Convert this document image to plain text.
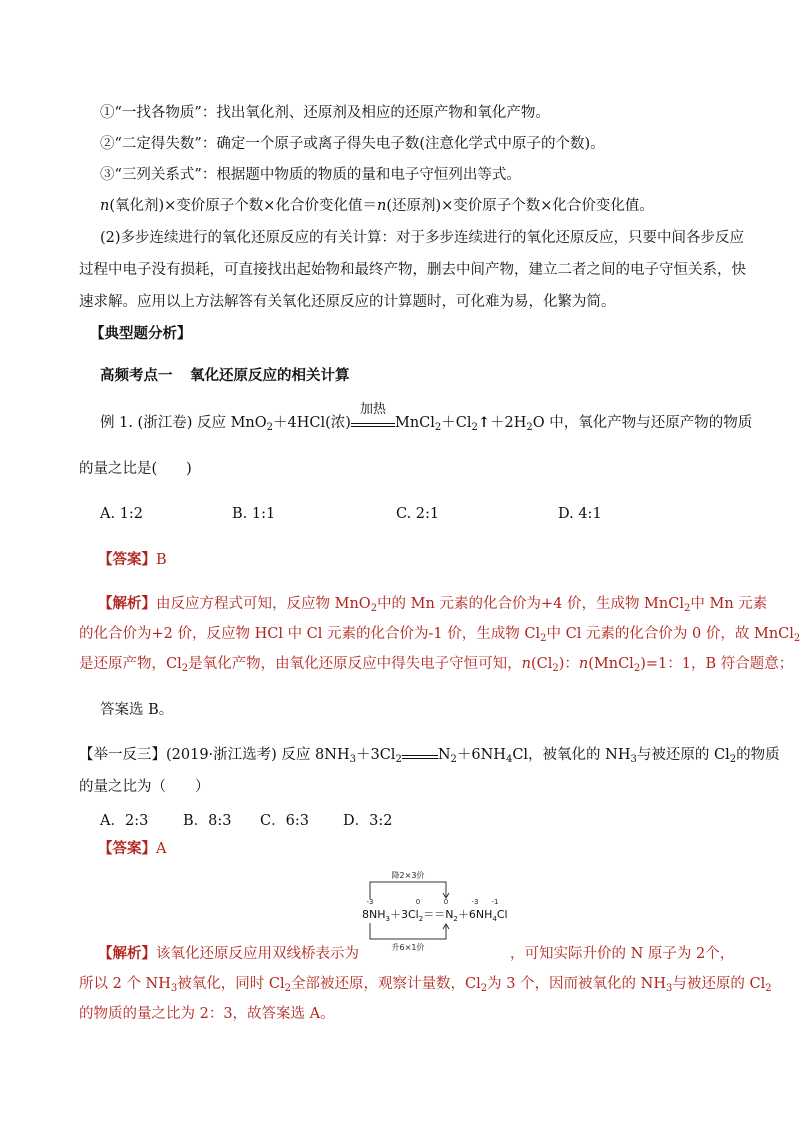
①“一找各物质”：找出氧化剂、还原剂及相应的还原产物和氧化产物。
②“二定得失数”：确定一个原子或离子得失电子数(注意化学式中原子的个数)。
③“三列关系式”：根据题中物质的物质的量和电子守恒列出等式。
n(氧化剂)×变价原子个数×化合价变化值＝n(还原剂)×变价原子个数×化合价变化值。
(2)多步连续进行的氧化还原反应的有关计算：对于多步连续进行的氧化还原反应，只要中间各步反应
过程中电子没有损耗，可直接找出起始物和最终产物，删去中间产物，建立二者之间的电子守恒关系，快
速求解。应用以上方法解答有关氧化还原反应的计算题时，可化难为易，化繁为简。
【典型题分析】
高频考点一 氧化还原反应的相关计算
例 1. (浙江卷) 反应 MnO$_2$＋4HCl(浓)
加热
$MnCl_2+Cl_2↑+2H_2O$ 中，氧化产物与还原产物的物质
的量之比是(　　)
A. 1:2	B. 1:1	C. 2:1	D. 4:1
【答案】B
【解析】由反应方程式可知，反应物 MnO$_2$中的 Mn 元素的化合价为+4 价，生成物 MnCl$_2$中 Mn 元素
的化合价为+2 价，反应物 HCl 中 Cl 元素的化合价为-1 价，生成物 $Cl_2$中 Cl 元素的化合价为 0 价，故 MnCl$_2$
是还原产物，$Cl_2$是氧化产物，由氧化还原反应中得失电子守恒可知，$n(Cl_2)$：n(MnCl$_2$)=1：1，B 符合题意；
答案选 B。
【举一反三】(2019·浙江选考) 反应 $8NH_3+3Cl_2$ $N_2+6NH_4Cl$，被氧化的 $NH_3$与被还原的 $Cl_2$的物质
的量之比为（　　）
A．2:3 B．8:3 C．6:3 D．3:2
【答案】A
降2×3价
-3	0	0	-3 -1
$8NH_3+3Cl_2==N_2+6NH_4Cl$
升6×1价
【解析】该氧化还原反应用双线桥表示为	，可知实际升价的 N 原子为 2个，
所以 2 个 $NH_3$被氧化，同时 $Cl_2$全部被还原，观察计量数，$Cl_2$为 3 个，因而被氧化的 $NH_3$与被还原的 $Cl_2$
的物质的量之比为 2：3，故答案选 A。
